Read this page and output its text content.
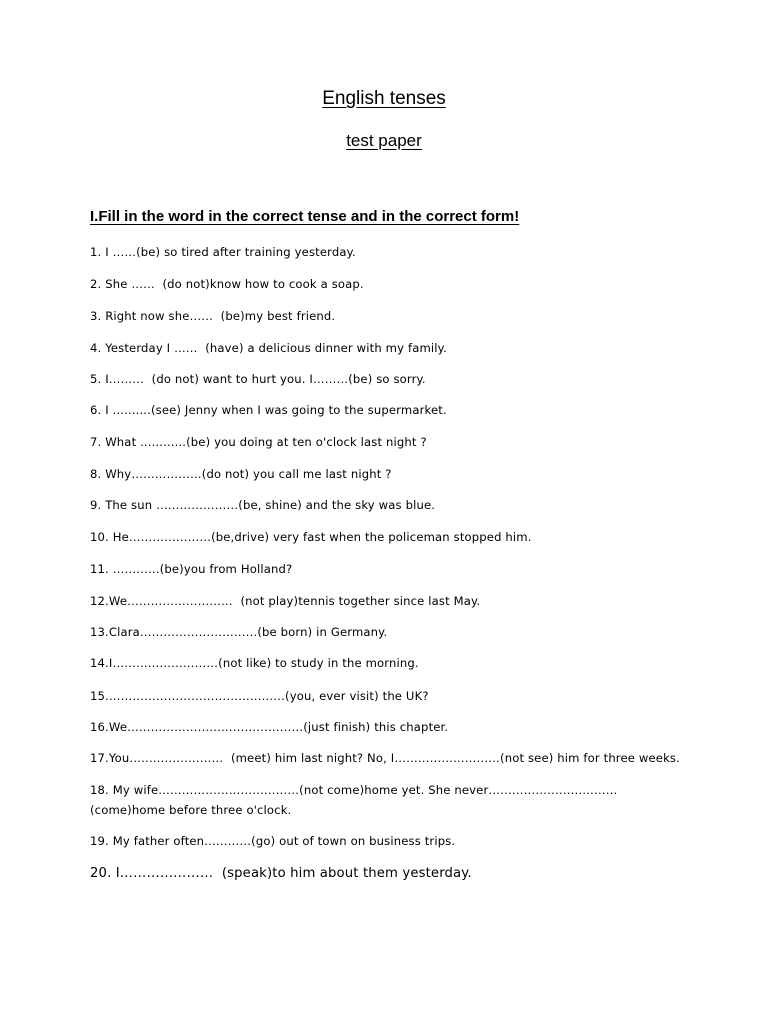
English tenses
test paper
I.Fill in the word in the correct tense and in the correct form!
1. I ……(be) so tired after training yesterday.
2. She ……  (do not)know how to cook a soap.
3. Right now she……  (be)my best friend.
4. Yesterday I ……  (have) a delicious dinner with my family.
5. I………  (do not) want to hurt you. I………(be) so sorry.
6. I ..........(see) Jenny when I was going to the supermarket.
7. What ............(be) you doing at ten o'clock last night ?
8. Why………………(do not) you call me last night ?
9. The sun …………………(be, shine) and the sky was blue.
10. He…………………(be,drive) very fast when the policeman stopped him.
11. …………(be)you from Holland?
12.We………………………  (not play)tennis together since last May.
13.Clara…………………………(be born) in Germany.
14.I………………………(not like) to study in the morning.
15.………………………………………(you, ever visit) the UK?
16.We………………………………………(just finish) this chapter.
17.You……………………  (meet) him last night? No, I………………………(not see) him for three weeks.
18. My wife………………………………(not come)home yet. She never……………………………(come)home before three o'clock.
19. My father often…………(go) out of town on business trips.
20. I…………………  (speak)to him about them yesterday.
